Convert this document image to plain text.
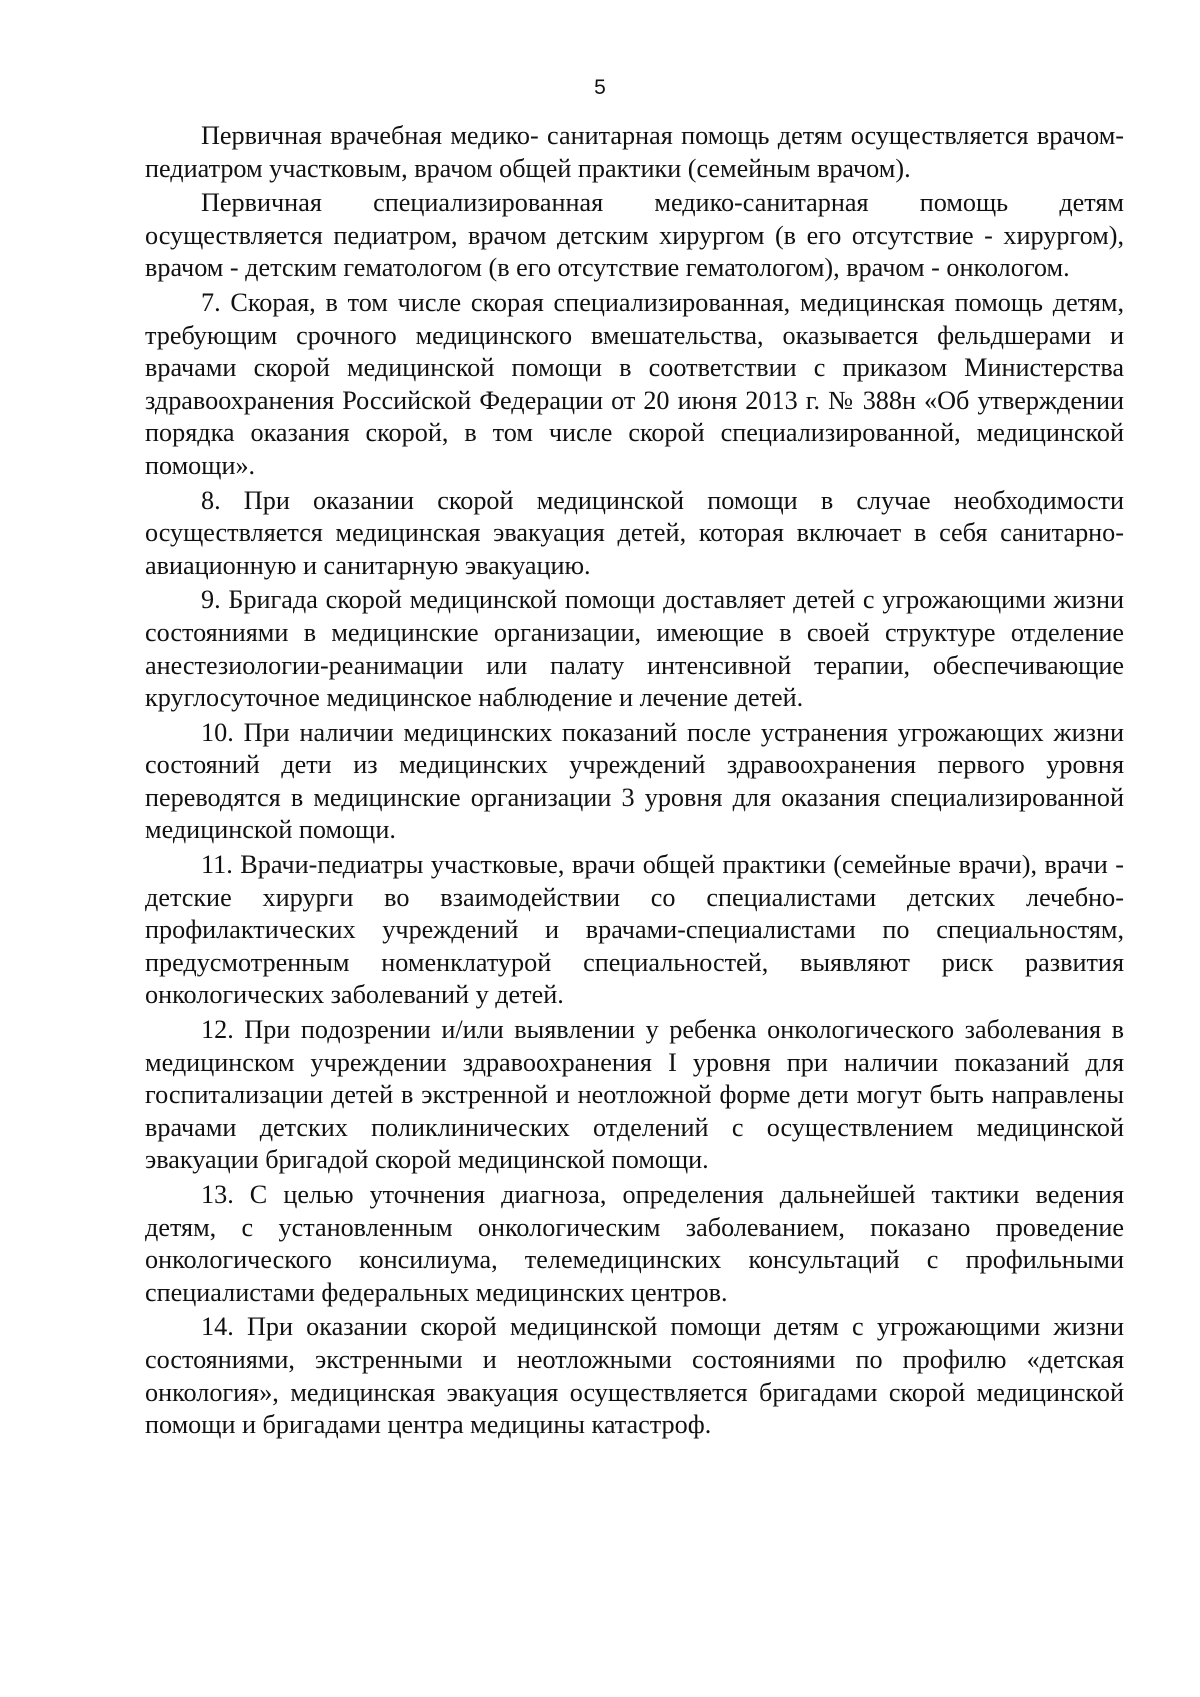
5

Первичная врачебная медико- санитарная помощь детям осуществляется врачом-педиатром участковым, врачом общей практики (семейным врачом).

Первичная специализированная медико-санитарная помощь детям осуществляется педиатром, врачом детским хирургом (в его отсутствие - хирургом), врачом - детским гематологом (в его отсутствие гематологом), врачом - онкологом.

7. Скорая, в том числе скорая специализированная, медицинская помощь детям, требующим срочного медицинского вмешательства, оказывается фельдшерами и врачами скорой медицинской помощи в соответствии с приказом Министерства здравоохранения Российской Федерации от 20 июня 2013 г. № 388н «Об утверждении порядка оказания скорой, в том числе скорой специализированной, медицинской помощи».

8. При оказании скорой медицинской помощи в случае необходимости осуществляется медицинская эвакуация детей, которая включает в себя санитарно-авиационную и санитарную эвакуацию.

9. Бригада скорой медицинской помощи доставляет детей с угрожающими жизни состояниями в медицинские организации, имеющие в своей структуре отделение анестезиологии-реанимации или палату интенсивной терапии, обеспечивающие круглосуточное медицинское наблюдение и лечение детей.

10. При наличии медицинских показаний после устранения угрожающих жизни состояний дети из медицинских учреждений здравоохранения первого уровня переводятся в медицинские организации 3 уровня для оказания специализированной медицинской помощи.

11. Врачи-педиатры участковые, врачи общей практики (семейные врачи), врачи - детские хирурги во взаимодействии со специалистами детских лечебно-профилактических учреждений и врачами-специалистами по специальностям, предусмотренным номенклатурой специальностей, выявляют риск развития онкологических заболеваний у детей.

12. При подозрении и/или выявлении у ребенка онкологического заболевания в медицинском учреждении здравоохранения I уровня при наличии показаний для госпитализации детей в экстренной и неотложной форме дети могут быть направлены врачами детских поликлинических отделений с осуществлением медицинской эвакуации бригадой скорой медицинской помощи.

13. С целью уточнения диагноза, определения дальнейшей тактики ведения детям, с установленным онкологическим заболеванием, показано проведение онкологического консилиума, телемедицинских консультаций с профильными специалистами федеральных медицинских центров.

14. При оказании скорой медицинской помощи детям с угрожающими жизни состояниями, экстренными и неотложными состояниями по профилю «детская онкология», медицинская эвакуация осуществляется бригадами скорой медицинской помощи и бригадами центра медицины катастроф.
